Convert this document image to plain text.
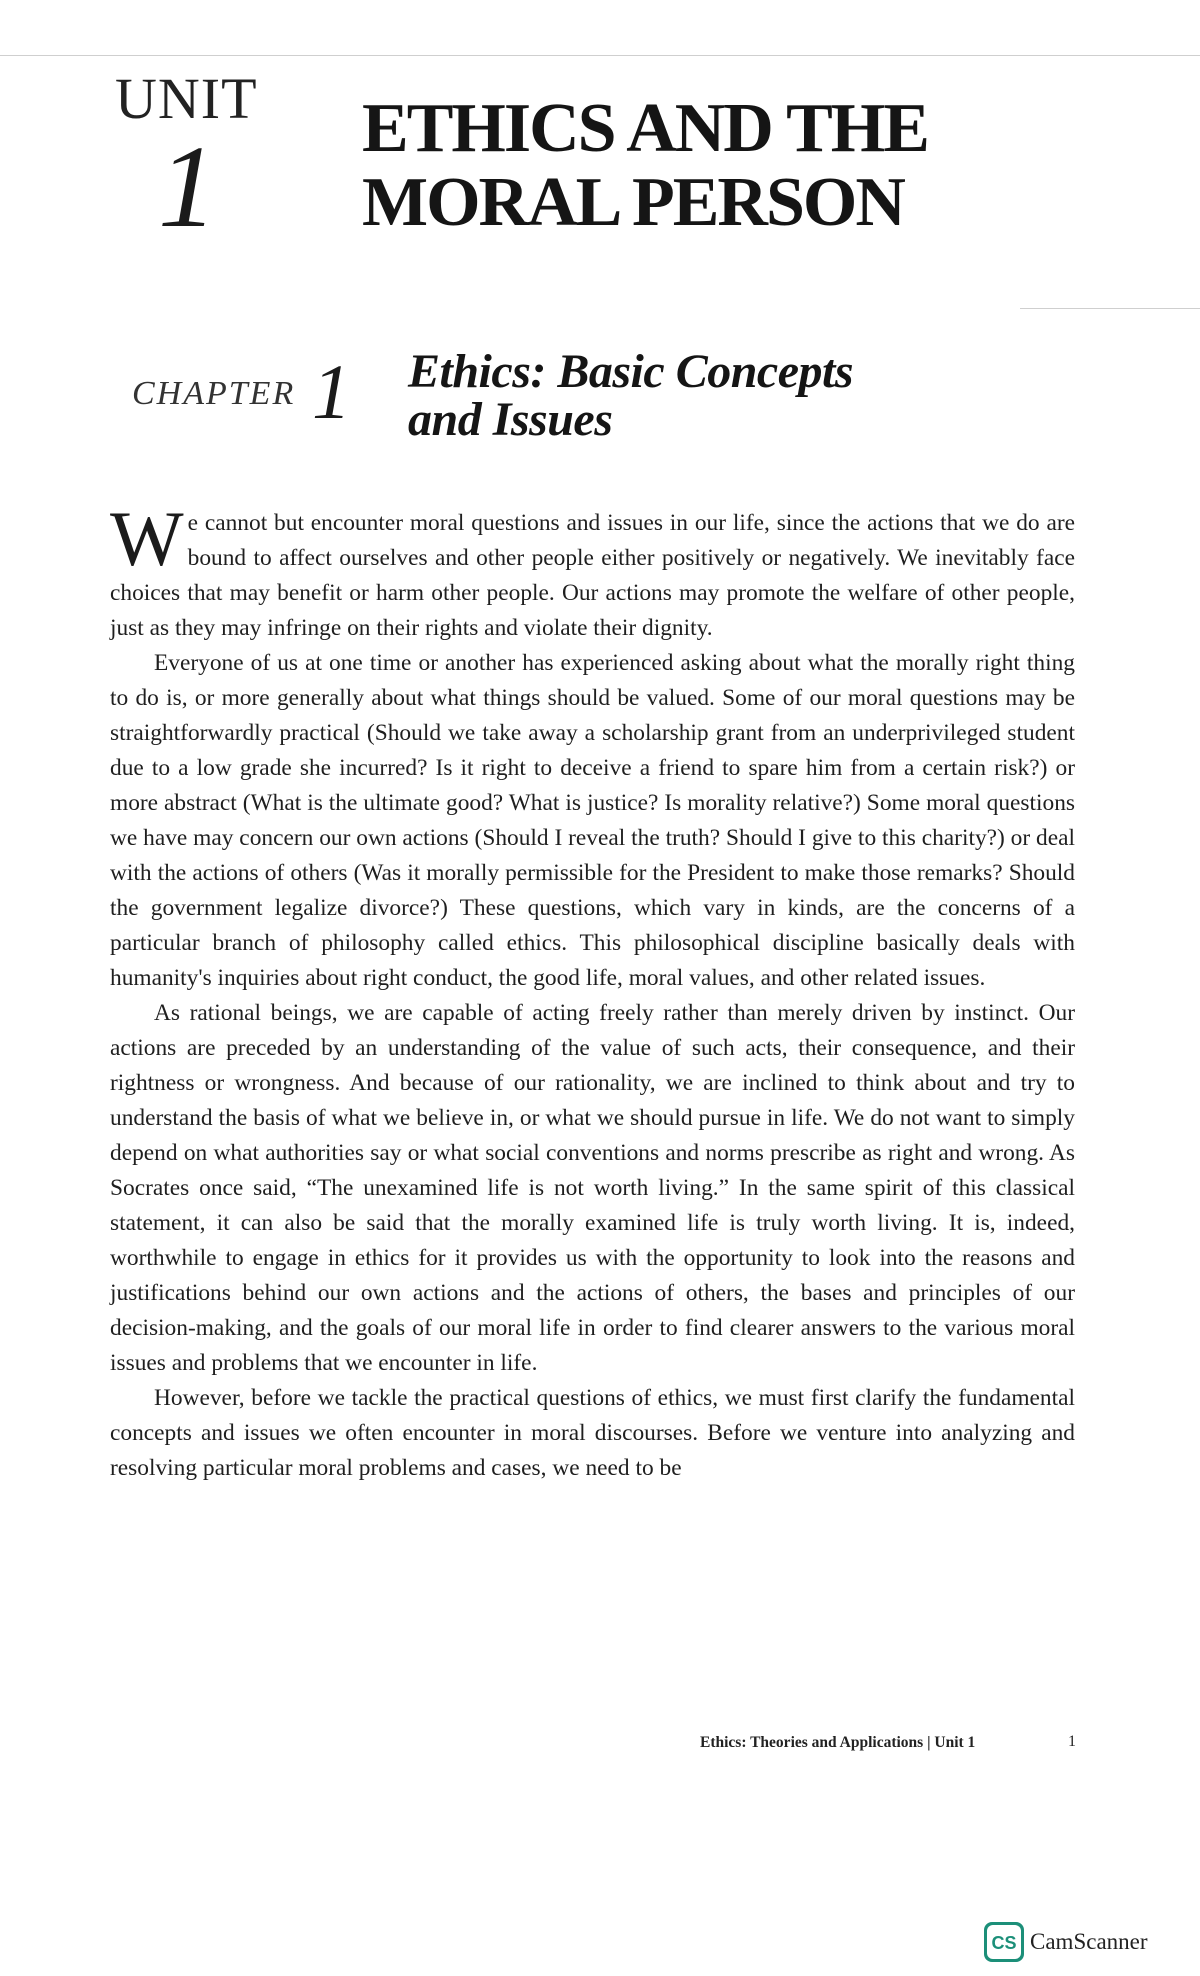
UNIT
1 ETHICS AND THE
MORAL PERSON
CHAPTER 1 Ethics: Basic Concepts
and Issues

We cannot but encounter moral questions and issues in our life, since the actions that we do are bound to affect ourselves and other people either positively or negatively. We inevitably face choices that may benefit or harm other people. Our actions may promote the welfare of other people, just as they may infringe on their rights and violate their dignity.

Everyone of us at one time or another has experienced asking about what the morally right thing to do is, or more generally about what things should be valued. Some of our moral questions may be straightforwardly practical (Should we take away a scholarship grant from an underprivileged student due to a low grade she incurred? Is it right to deceive a friend to spare him from a certain risk?) or more abstract (What is the ultimate good? What is justice? Is morality relative?) Some moral questions we have may concern our own actions (Should I reveal the truth? Should I give to this charity?) or deal with the actions of others (Was it morally permissible for the President to make those remarks? Should the government legalize divorce?) These questions, which vary in kinds, are the concerns of a particular branch of philosophy called ethics. This philosophical discipline basically deals with humanity's inquiries about right conduct, the good life, moral values, and other related issues.

As rational beings, we are capable of acting freely rather than merely driven by instinct. Our actions are preceded by an understanding of the value of such acts, their consequence, and their rightness or wrongness. And because of our rationality, we are inclined to think about and try to understand the basis of what we believe in, or what we should pursue in life. We do not want to simply depend on what authorities say or what social conventions and norms prescribe as right and wrong. As Socrates once said, “The unexamined life is not worth living.” In the same spirit of this classical statement, it can also be said that the morally examined life is truly worth living. It is, indeed, worthwhile to engage in ethics for it provides us with the opportunity to look into the reasons and justifications behind our own actions and the actions of others, the bases and principles of our decision-making, and the goals of our moral life in order to find clearer answers to the various moral issues and problems that we encounter in life.

However, before we tackle the practical questions of ethics, we must first clarify the fundamental concepts and issues we often encounter in moral discourses. Before we venture into analyzing and resolving particular moral problems and cases, we need to be

Ethics: Theories and Applications | Unit 1	1
CS CamScanner
